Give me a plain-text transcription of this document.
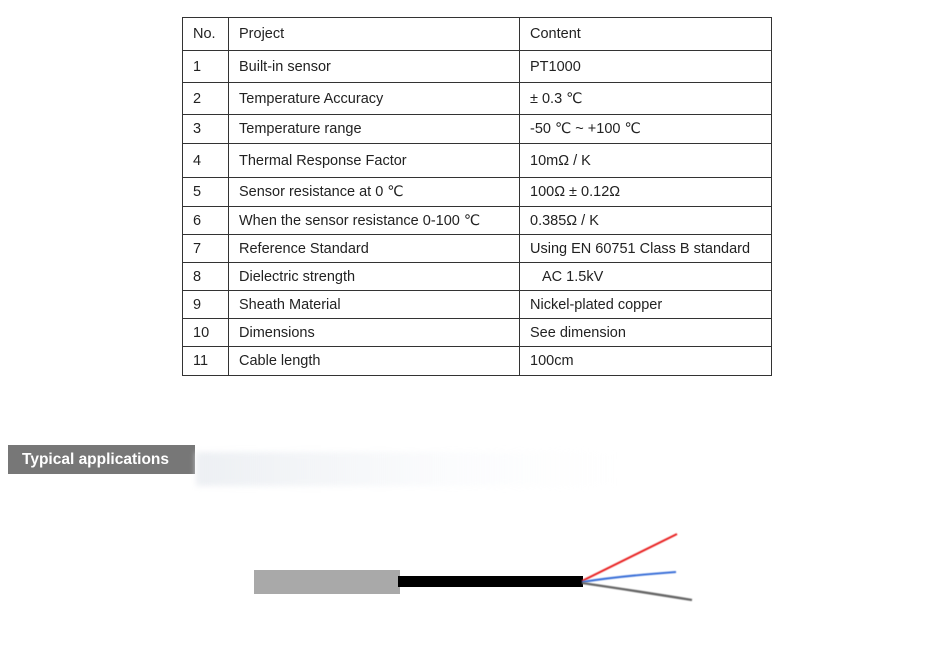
No.	Project	Content
1	Built-in sensor	PT1000
2	Temperature Accuracy	± 0.3 ℃
3	Temperature range	-50 ℃ ~ +100 ℃
4	Thermal Response Factor	10mΩ / K
5	Sensor resistance at 0 ℃	100Ω ± 0.12Ω
6	When the sensor resistance 0-100 ℃	0.385Ω / K
7	Reference Standard	Using EN 60751 Class B standard
8	Dielectric strength	AC 1.5kV
9	Sheath Material	Nickel-plated copper
10	Dimensions	See dimension
11	Cable length	100cm
Typical applications
